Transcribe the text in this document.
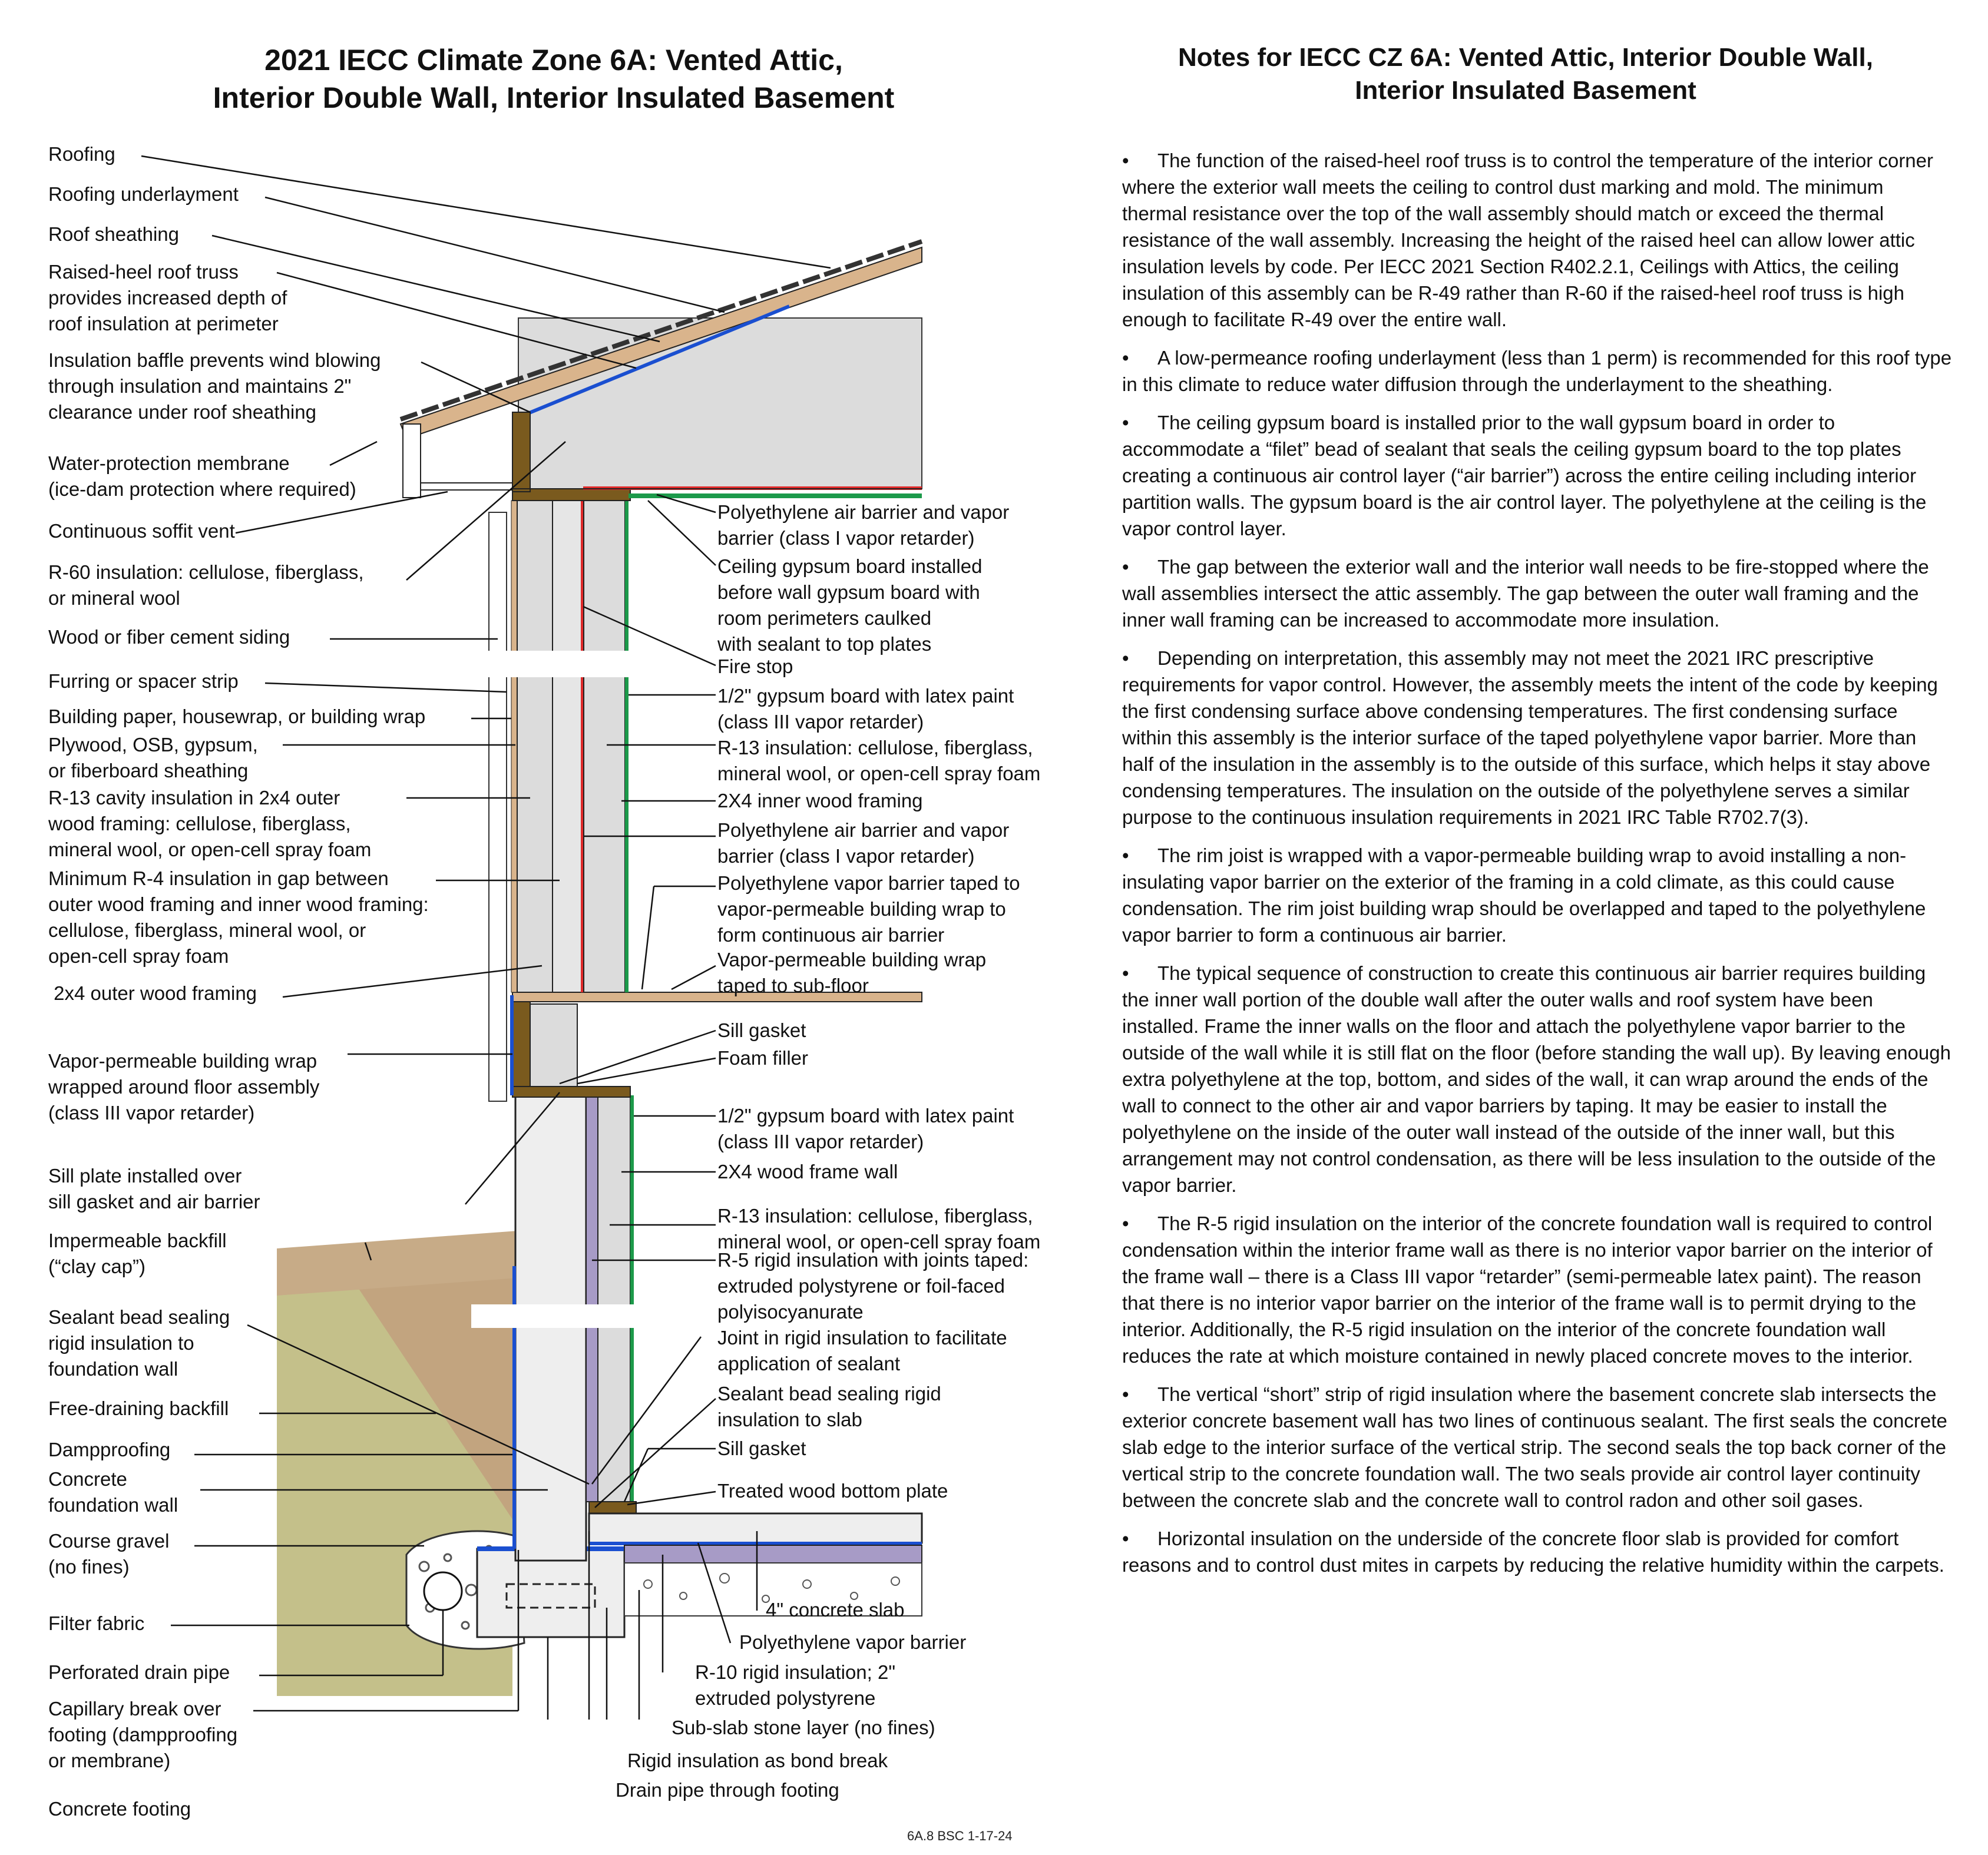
2021 IECC Climate Zone 6A: Vented Attic,
Interior Double Wall, Interior Insulated Basement
Notes for IECC CZ 6A: Vented Attic, Interior Double Wall,
Interior Insulated Basement
Roofing
Roofing underlayment
Roof sheathing
Raised-heel roof truss
provides increased depth of
roof insulation at perimeter
Insulation baffle prevents wind blowing
through insulation and maintains 2"
clearance under roof sheathing
Water-protection membrane
(ice-dam protection where required)
Continuous soffit vent
R-60 insulation: cellulose, fiberglass,
or mineral wool
Wood or fiber cement siding
Furring or spacer strip
Building paper, housewrap, or building wrap
Plywood, OSB, gypsum,
or fiberboard sheathing
R-13 cavity insulation in 2x4 outer
wood framing: cellulose, fiberglass,
mineral wool, or open-cell spray foam
Minimum R-4 insulation in gap between
outer wood framing and inner wood framing:
cellulose, fiberglass, mineral wool, or
open-cell spray foam
2x4 outer wood framing
Vapor-permeable building wrap
wrapped around floor assembly
(class III vapor retarder)
Sill plate installed over
sill gasket and air barrier
Impermeable backfill
(“clay cap”)
Sealant bead sealing
rigid insulation to
foundation wall
Free-draining backfill
Dampproofing
Concrete
foundation wall
Course gravel
(no fines)
Filter fabric
Perforated drain pipe
Capillary break over
footing (dampproofing
or membrane)
Concrete footing
Polyethylene air barrier and vapor
barrier (class I vapor retarder)
Ceiling gypsum board installed
before wall gypsum board with
room perimeters caulked
with sealant to top plates
Fire stop
1/2" gypsum board with latex paint
(class III vapor retarder)
R-13 insulation: cellulose, fiberglass,
mineral wool, or open-cell spray foam
2X4 inner wood framing
Polyethylene air barrier and vapor
barrier (class I vapor retarder)
Polyethylene vapor barrier taped to
vapor-permeable building wrap to
form continuous air barrier
Vapor-permeable building wrap
taped to sub-floor
Sill gasket
Foam filler
1/2" gypsum board with latex paint
(class III vapor retarder)
2X4 wood frame wall
R-13 insulation: cellulose, fiberglass,
mineral wool, or open-cell spray foam
R-5 rigid insulation with joints taped:
extruded polystyrene or foil-faced
polyisocyanurate
Joint in rigid insulation to facilitate
application of sealant
Sealant bead sealing rigid
insulation to slab
Sill gasket
Treated wood bottom plate
4" concrete slab
Polyethylene vapor barrier
R-10 rigid insulation; 2"
extruded polystyrene
Sub-slab stone layer (no fines)
Rigid insulation as bond break
Drain pipe through footing
6A.8 BSC 1-17-24

• The function of the raised-heel roof truss is to control the temperature of the interior corner where the exterior wall meets the ceiling to control dust marking and mold. The minimum thermal resistance over the top of the wall assembly should match or exceed the thermal resistance of the wall assembly. Increasing the height of the raised heel can allow lower attic insulation levels by code. Per IECC 2021 Section R402.2.1, Ceilings with Attics, the ceiling insulation of this assembly can be R-49 rather than R-60 if the raised-heel roof truss is high enough to facilitate R-49 over the entire wall.

• A low-permeance roofing underlayment (less than 1 perm) is recommended for this roof type in this climate to reduce water diffusion through the underlayment to the sheathing.

• The ceiling gypsum board is installed prior to the wall gypsum board in order to accommodate a “filet” bead of sealant that seals the ceiling gypsum board to the top plates creating a continuous air control layer (“air barrier”) across the entire ceiling including interior partition walls. The gypsum board is the air control layer. The polyethylene at the ceiling is the vapor control layer.

• The gap between the exterior wall and the interior wall needs to be fire-stopped where the wall assemblies intersect the attic assembly. The gap between the outer wall framing and the inner wall framing can be increased to accommodate more insulation.

• Depending on interpretation, this assembly may not meet the 2021 IRC prescriptive requirements for vapor control. However, the assembly meets the intent of the code by keeping the first condensing surface above condensing temperatures. The first condensing surface within this assembly is the interior surface of the taped polyethylene vapor barrier. More than half of the insulation in the assembly is to the outside of this surface, which helps it stay above condensing temperatures. The insulation on the outside of the polyethylene serves a similar purpose to the continuous insulation requirements in 2021 IRC Table R702.7(3).

• The rim joist is wrapped with a vapor-permeable building wrap to avoid installing a non-insulating vapor barrier on the exterior of the framing in a cold climate, as this could cause condensation. The rim joist building wrap should be overlapped and taped to the polyethylene vapor barrier to form a continuous air barrier.

• The typical sequence of construction to create this continuous air barrier requires building the inner wall portion of the double wall after the outer walls and roof system have been installed. Frame the inner walls on the floor and attach the polyethylene vapor barrier to the outside of the wall while it is still flat on the floor (before standing the wall up). By leaving enough extra polyethylene at the top, bottom, and sides of the wall, it can wrap around the ends of the wall to connect to the other air and vapor barriers by taping. It may be easier to install the polyethylene on the inside of the outer wall instead of the outside of the inner wall, but this arrangement may not control condensation, as there will be less insulation to the outside of the vapor barrier.

• The R-5 rigid insulation on the interior of the concrete foundation wall is required to control condensation within the interior frame wall as there is no interior vapor barrier on the interior of the frame wall – there is a Class III vapor “retarder” (semi-permeable latex paint). The reason that there is no interior vapor barrier on the interior of the frame wall is to permit drying to the interior. Additionally, the R-5 rigid insulation on the interior of the concrete foundation wall reduces the rate at which moisture contained in newly placed concrete moves to the interior.

• The vertical “short” strip of rigid insulation where the basement concrete slab intersects the exterior concrete basement wall has two lines of continuous sealant. The first seals the concrete slab edge to the interior surface of the vertical strip. The second seals the top back corner of the vertical strip to the concrete foundation wall. The two seals provide air control layer continuity between the concrete slab and the concrete wall to control radon and other soil gases.

• Horizontal insulation on the underside of the concrete floor slab is provided for comfort reasons and to control dust mites in carpets by reducing the relative humidity within the carpets.
